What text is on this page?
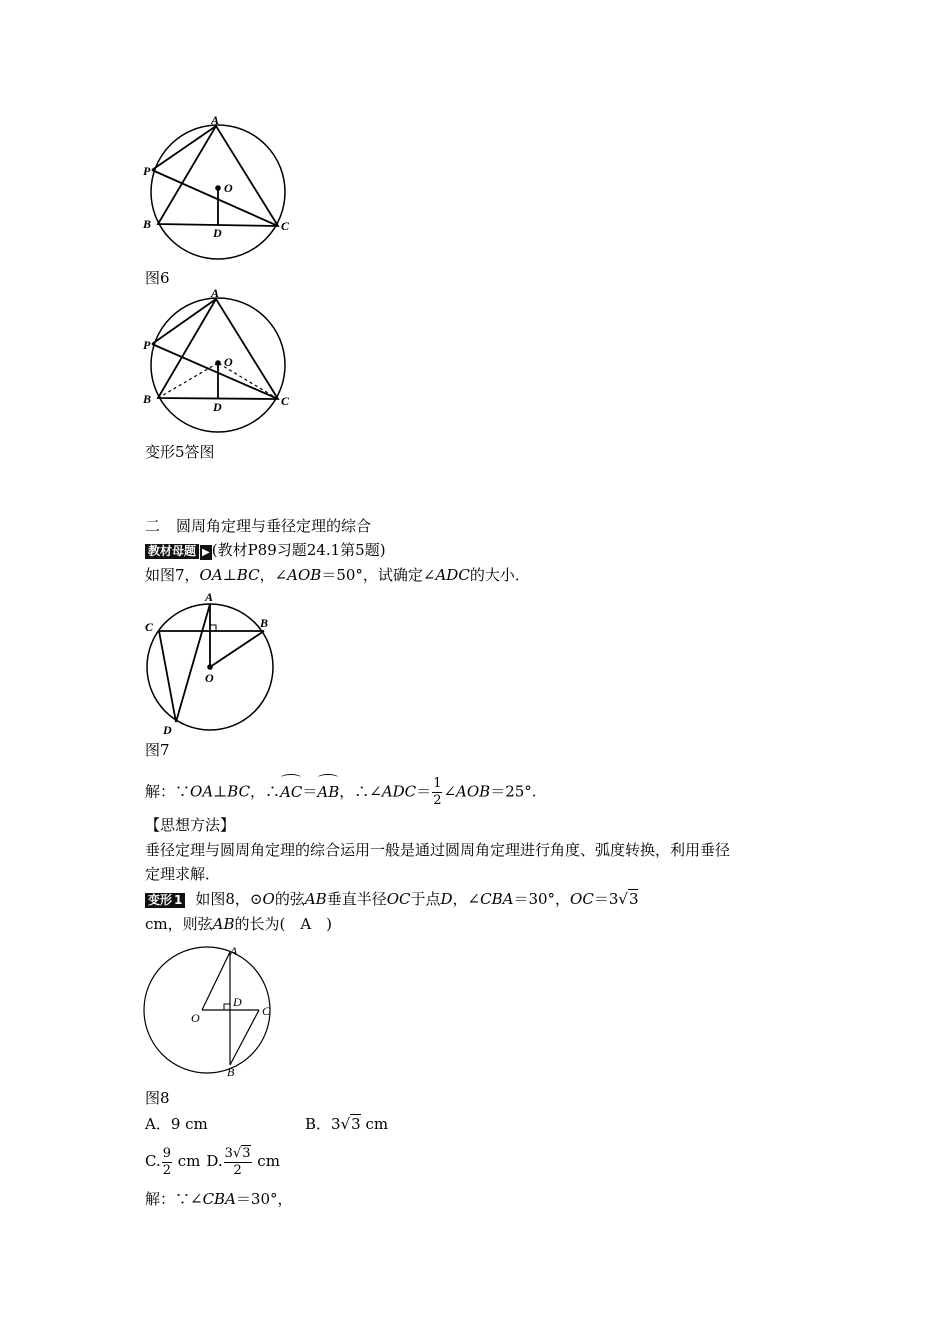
A
P
O
B
D	C
图6
A
P
O
B
D	C
变形5答图
二 圆周角定理与垂径定理的综合
教材母题 ▶ (教材P89习题24.1第5题)
如图7，OA⊥BC，∠AOB＝50°，试确定∠ADC的大小．
A
C	B
O
D
图7
解：∵OA⊥BC，∴AC＝AB，∴∠ADC＝ $\frac{1}{2}$ ∠AOB＝25°.
【思想方法】
垂径定理与圆周角定理的综合运用一般是通过圆周角定理进行角度、弧度转换，利用垂径
定理求解．
变形 1 如图8，⊙O的弦AB垂直半径OC于点D，∠CBA＝30°，OC＝3√3
cm，则弦AB的长为(　A　)
A
D
O	C
B
图8
A．9 cm	B．3√3 cm
C. $\frac{9}{2}$ cm D. $\frac{3√3}{2}$ cm
解：∵∠CBA＝30°，
